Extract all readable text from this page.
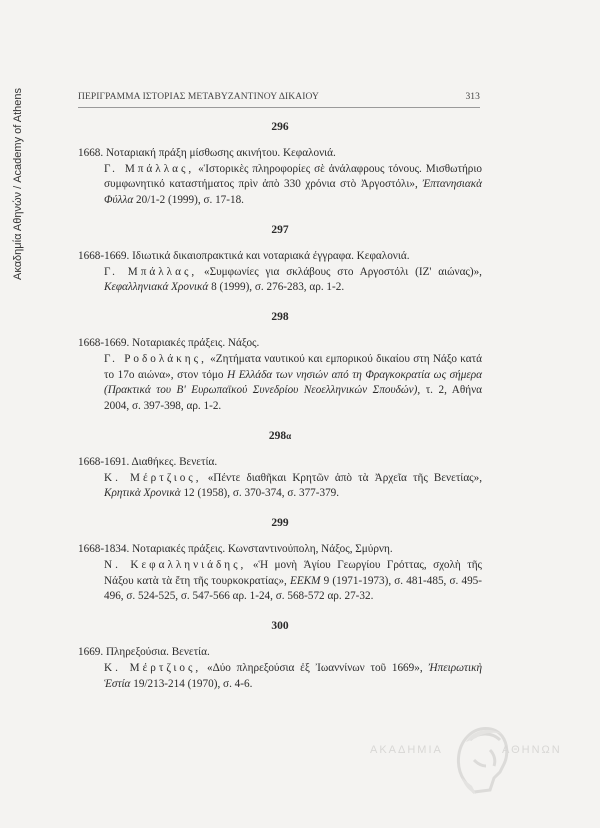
Ακαδημία Αθηνών / Academy of Athens	ΠΕΡΙΓΡΑΜΜΑ ΙΣΤΟΡΙΑΣ ΜΕΤΑΒΥΖΑΝΤΙΝΟΥ ΔΙΚΑΙΟΥ	313
296
1668. Νοταριακή πράξη μίσθωσης ακινήτου. Κεφαλονιά.
Γ. Μπάλλας, «Ἱστορικὲς πληροφορίες σὲ ἀνάλαφρους τόνους. Μισθωτήριο συμφωνητικό καταστήματος πρὶν ἀπὸ 330 χρόνια στὸ Ἀργοστόλι», Ἐπτανησιακὰ Φύλλα 20/1-2 (1999), σ. 17-18.
297
1668-1669. Ιδιωτικά δικαιοπρακτικά και νοταριακά έγγραφα. Κεφαλονιά.
Γ. Μπάλλας, «Συμφωνίες για σκλάβους στο Αργοστόλι (ΙΖ' αιώνας)», Κεφαλληνιακά Χρονικά 8 (1999), σ. 276-283, αρ. 1-2.
298
1668-1669. Νοταριακές πράξεις. Νάξος.
Γ. Ροδολάκης, «Ζητήματα ναυτικού και εμπορικού δικαίου στη Νάξο κατά το 17ο αιώνα», στον τόμο Η Ελλάδα των νησιών από τη Φραγκοκρατία ως σήμερα (Πρακτικά του Β' Ευρωπαϊκού Συνεδρίου Νεοελληνικών Σπουδών), τ. 2, Αθήνα 2004, σ. 397-398, αρ. 1-2.
298α
1668-1691. Διαθήκες. Βενετία.
Κ. Μέρτζιος, «Πέντε διαθῆκαι Κρητῶν ἀπὸ τὰ Ἀρχεῖα τῆς Βενετίας», Κρητικὰ Χρονικὰ 12 (1958), σ. 370-374, σ. 377-379.
299
1668-1834. Νοταριακές πράξεις. Κωνσταντινούπολη, Νάξος, Σμύρνη.
Ν. Κεφαλληνιάδης, «Ἡ μονὴ Ἁγίου Γεωργίου Γρόττας, σχολὴ τῆς Νάξου κατὰ τὰ ἔτη τῆς τουρκοκρατίας», ΕΕΚΜ 9 (1971-1973), σ. 481-485, σ. 495-496, σ. 524-525, σ. 547-566 αρ. 1-24, σ. 568-572 αρ. 27-32.
300
1669. Πληρεξούσια. Βενετία.
Κ. Μέρτζιος, «Δύο πληρεξούσια ἐξ Ἰωαννίνων τοῦ 1669», Ἠπειρωτικὴ Ἑστία 19/213-214 (1970), σ. 4-6.
ΑΚΑΔΗΜΙΑ	ΑΘΗΝΩΝ
